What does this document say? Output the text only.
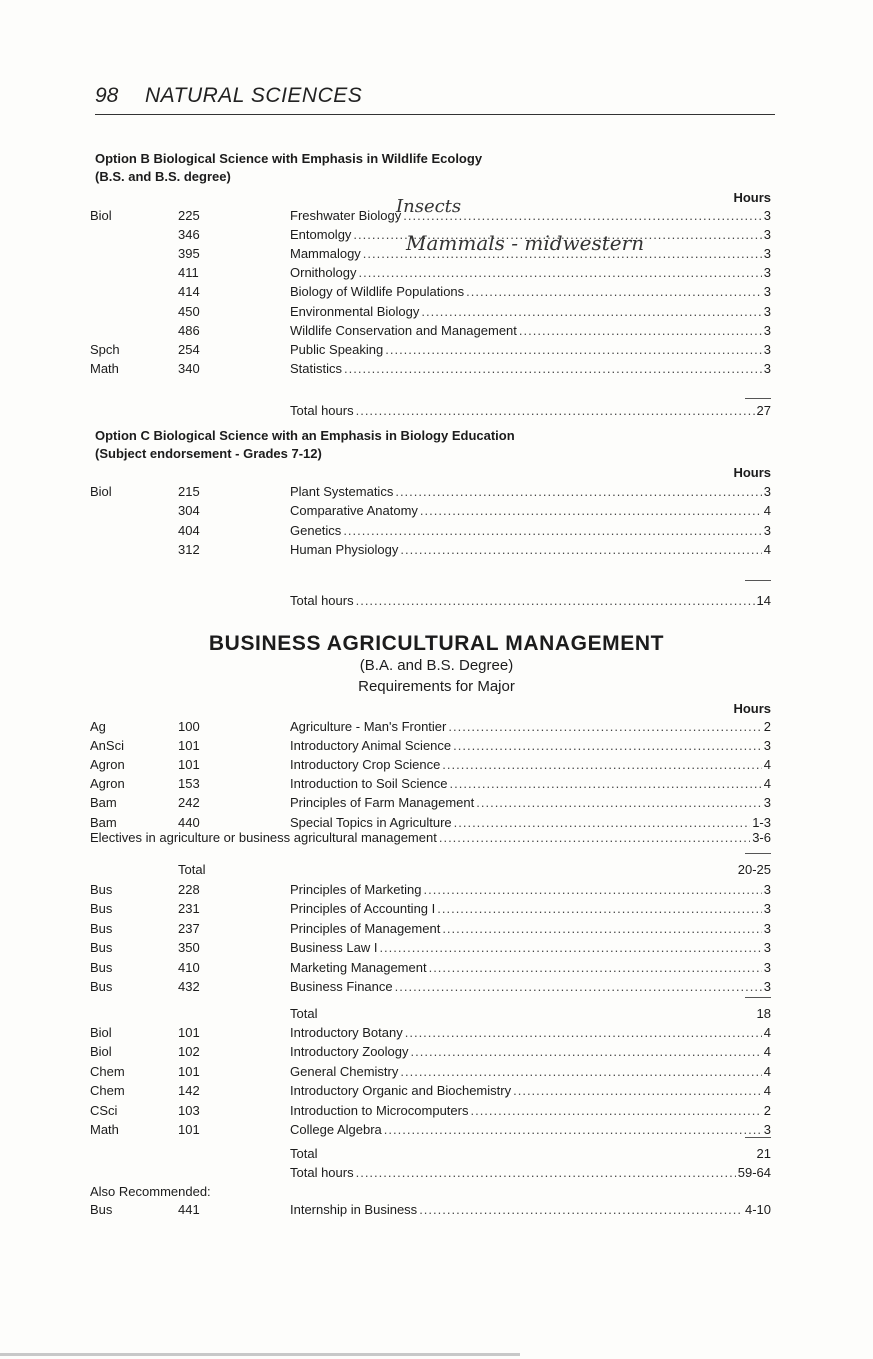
98 NATURAL SCIENCES
Option B Biological Science with Emphasis in Wildlife Ecology
(B.S. and B.S. degree)
Hours
Biol	225	Freshwater Biology .....	3
346	Entomolgy .....	3
395	Mammalogy .....	3
411	Ornithology .....	3
414	Biology of Wildlife Populations .....	3
450	Environmental Biology .....	3
486	Wildlife Conservation and Management .....	3
Spch	254	Public Speaking .....	3
Math	340	Statistics .....	3
Total hours .....	27
Insects
Mammals - midwestern
Option C Biological Science with an Emphasis in Biology Education
(Subject endorsement - Grades 7-12)
Hours
Biol	215	Plant Systematics .....	3
304	Comparative Anatomy .....	4
404	Genetics .....	3
312	Human Physiology .....	4
Total hours .....	14
BUSINESS AGRICULTURAL MANAGEMENT
(B.A. and B.S. Degree)
Requirements for Major
Hours
Ag	100	Agriculture - Man's Frontier .....	2
AnSci	101	Introductory Animal Science .....	3
Agron	101	Introductory Crop Science .....	4
Agron	153	Introduction to Soil Science .....	4
Bam	242	Principles of Farm Management .....	3
Bam	440	Special Topics in Agriculture .....	1-3
Electives in agriculture or business agricultural management .....	3-6
Total	20-25
Bus	228	Principles of Marketing .....	3
Bus	231	Principles of Accounting I .....	3
Bus	237	Principles of Management .....	3
Bus	350	Business Law I .....	3
Bus	410	Marketing Management .....	3
Bus	432	Business Finance .....	3
Total	18
Biol	101	Introductory Botany .....	4
Biol	102	Introductory Zoology .....	4
Chem	101	General Chemistry .....	4
Chem	142	Introductory Organic and Biochemistry .....	4
CSci	103	Introduction to Microcomputers .....	2
Math	101	College Algebra .....	3
Total	21
Total hours .....	59-64
Also Recommended:
Bus	441	Internship in Business .....	4-10
